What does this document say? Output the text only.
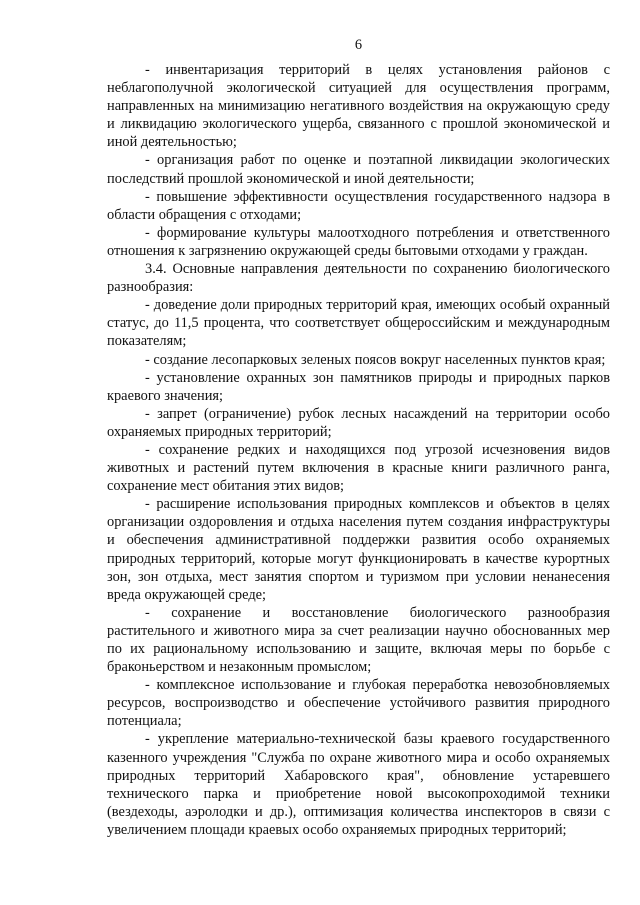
6

- инвентаризация территорий в целях установления районов с неблагополучной экологической ситуацией для осуществления программ, направленных на минимизацию негативного воздействия на окружающую среду и ликвидацию экологического ущерба, связанного с прошлой экономической и иной деятельностью;

- организация работ по оценке и поэтапной ликвидации экологических последствий прошлой экономической и иной деятельности;

- повышение эффективности осуществления государственного надзора в области обращения с отходами;

- формирование культуры малоотходного потребления и ответственного отношения к загрязнению окружающей среды бытовыми отходами у граждан.

3.4. Основные направления деятельности по сохранению биологического разнообразия:

- доведение доли природных территорий края, имеющих особый охранный статус, до 11,5 процента, что соответствует общероссийским и международным показателям;

- создание лесопарковых зеленых поясов вокруг населенных пунктов края;

- установление охранных зон памятников природы и природных парков краевого значения;

- запрет (ограничение) рубок лесных насаждений на территории особо охраняемых природных территорий;

- сохранение редких и находящихся под угрозой исчезновения видов животных и растений путем включения в красные книги различного ранга, сохранение мест обитания этих видов;

- расширение использования природных комплексов и объектов в целях организации оздоровления и отдыха населения путем создания инфраструктуры и обеспечения административной поддержки развития особо охраняемых природных территорий, которые могут функционировать в качестве курортных зон, зон отдыха, мест занятия спортом и туризмом при условии ненанесения вреда окружающей среде;

- сохранение и восстановление биологического разнообразия растительного и животного мира за счет реализации научно обоснованных мер по их рациональному использованию и защите, включая меры по борьбе с браконьерством и незаконным промыслом;

- комплексное использование и глубокая переработка невозобновляемых ресурсов, воспроизводство и обеспечение устойчивого развития природного потенциала;

- укрепление материально-технической базы краевого государственного казенного учреждения "Служба по охране животного мира и особо охраняемых природных территорий Хабаровского края", обновление устаревшего технического парка и приобретение новой высокопроходимой техники (вездеходы, аэролодки и др.), оптимизация количества инспекторов в связи с увеличением площади краевых особо охраняемых природных территорий;
